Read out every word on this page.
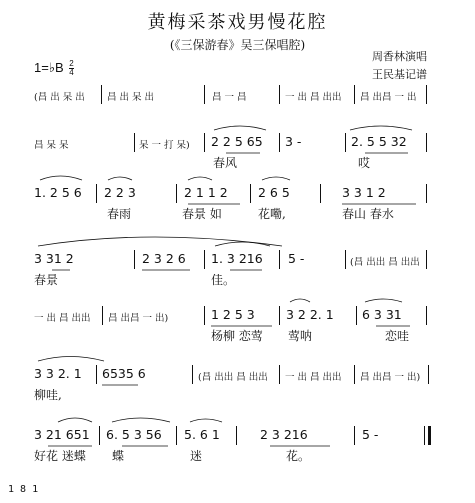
黄梅采茶戏男慢花腔
(《三保游春》吴三保唱腔)
周香林演唱
王民基记谱
1=♭B $\frac{2}{4}$
(昌 出 呆 出 昌 出 呆 出	昌 一 昌	一 出 昌 出出 昌 出昌 一 出
昌 呆 呆	呆 一 打 呆) 2 2 5 65 3 -	2. 5 5 32
春风	哎
1. 2 5 6 2 2 3	2 1 1 2 2 6 5	3 3 1 2
春雨	春景 如	花嘞,	春山 春水
3 31 2	2 3 2 6 1. 3 216 5 -	(昌 出出 昌 出出
春景	佳。
一 出 昌 出出 昌 出昌 一 出)	1 2 5 3	3 2 2. 1 6 3 31
杨柳 恋莺 莺呐	恋哇
3 3 2. 1 6535 6	(昌 出出 昌 出出 一 出 昌 出出 昌 出昌 一 出)
柳哇,
3 21 651 6. 5 3 56 5. 6 1	2 3 216	5 -
好花 迷蝶 蝶	迷	花。
1 8 1
